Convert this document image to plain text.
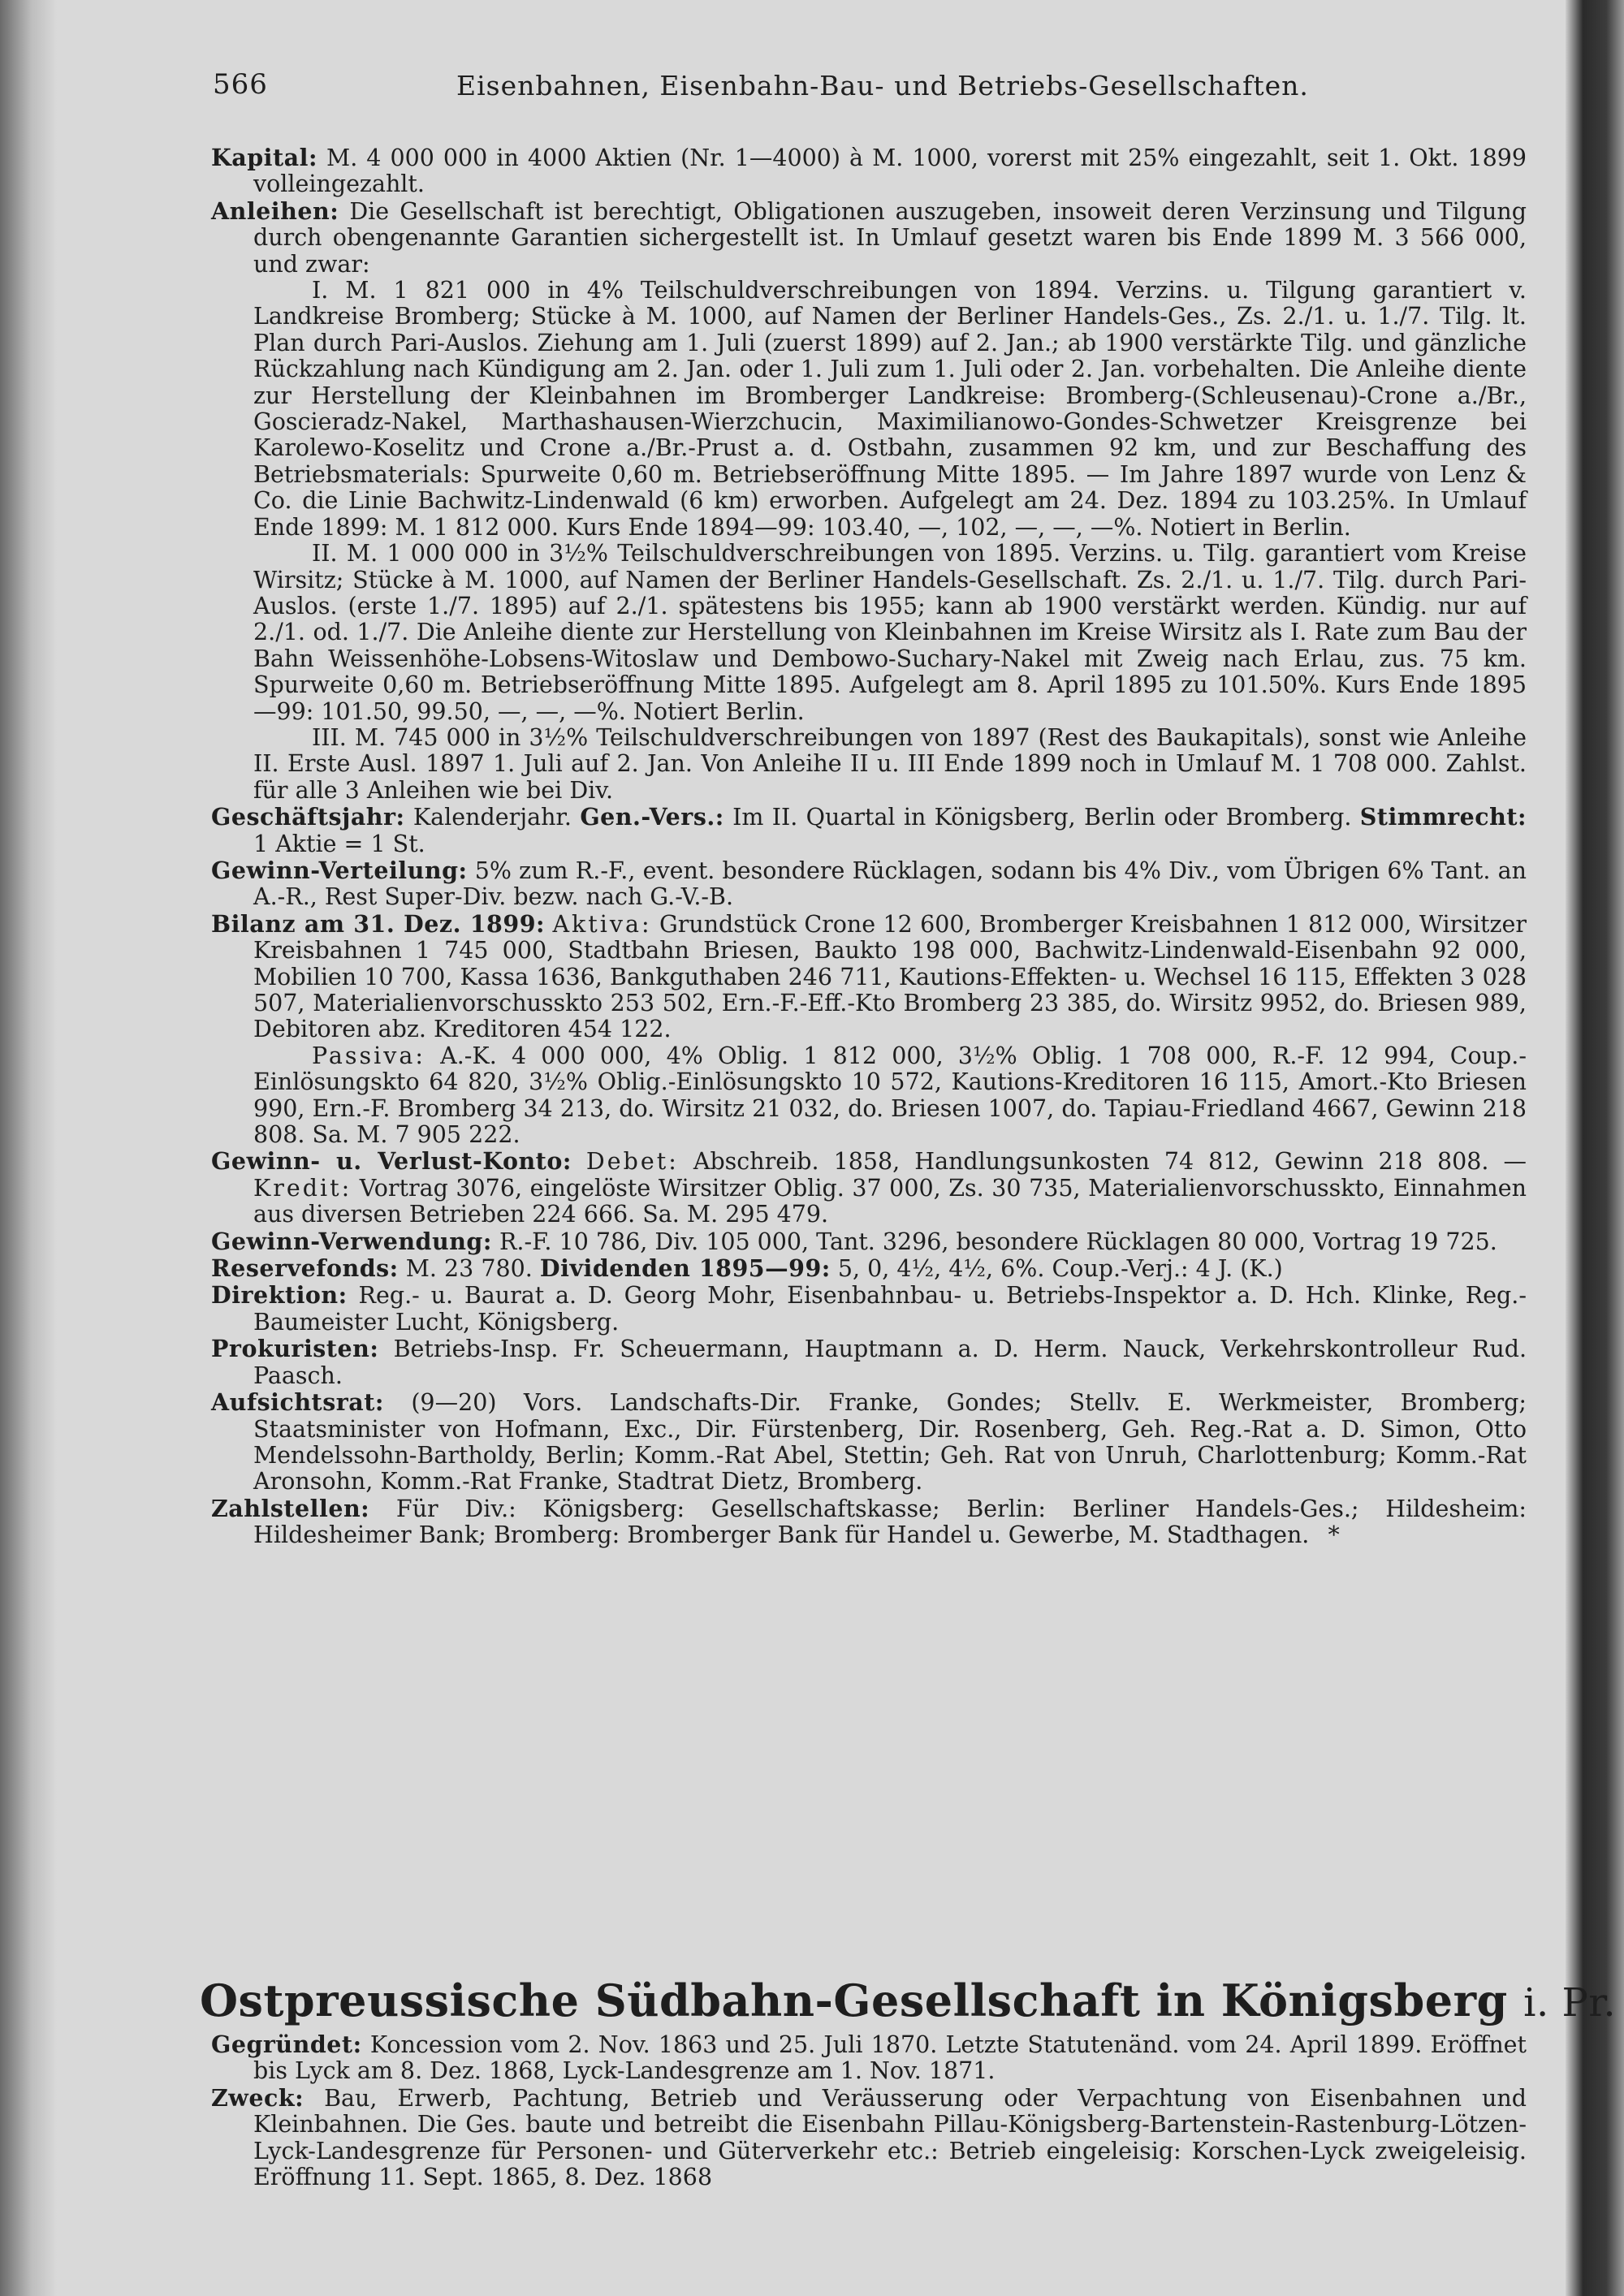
566	Eisenbahnen, Eisenbahn-Bau- und Betriebs-Gesellschaften.

Kapital: M. 4 000 000 in 4000 Aktien (Nr. 1—4000) à M. 1000, vorerst mit 25% eingezahlt, seit 1. Okt. 1899 volleingezahlt.

Anleihen: Die Gesellschaft ist berechtigt, Obligationen auszugeben, insoweit deren Verzinsung und Tilgung durch obengenannte Garantien sichergestellt ist. In Umlauf gesetzt waren bis Ende 1899 M. 3 566 000, und zwar:

I. M. 1 821 000 in 4% Teilschuldverschreibungen von 1894. Verzins. u. Tilgung garantiert v. Landkreise Bromberg; Stücke à M. 1000, auf Namen der Berliner Handels-Ges., Zs. 2./1. u. 1./7. Tilg. lt. Plan durch Pari-Auslos. Ziehung am 1. Juli (zuerst 1899) auf 2. Jan.; ab 1900 verstärkte Tilg. und gänzliche Rückzahlung nach Kündigung am 2. Jan. oder 1. Juli zum 1. Juli oder 2. Jan. vorbehalten. Die Anleihe diente zur Herstellung der Kleinbahnen im Bromberger Landkreise: Bromberg-(Schleusenau)-Crone a./Br., Goscieradz-Nakel, Marthashausen-Wierzchucin, Maximilianowo-Gondes-Schwetzer Kreisgrenze bei Karolewo-Koselitz und Crone a./Br.-Prust a. d. Ostbahn, zusammen 92 km, und zur Beschaffung des Betriebsmaterials: Spurweite 0,60 m. Betriebseröffnung Mitte 1895. — Im Jahre 1897 wurde von Lenz & Co. die Linie Bachwitz-Lindenwald (6 km) erworben. Aufgelegt am 24. Dez. 1894 zu 103.25%. In Umlauf Ende 1899: M. 1 812 000. Kurs Ende 1894—99: 103.40, —, 102, —, —, —%. Notiert in Berlin.

II. M. 1 000 000 in 3½% Teilschuldverschreibungen von 1895. Verzins. u. Tilg. garantiert vom Kreise Wirsitz; Stücke à M. 1000, auf Namen der Berliner Handels-Gesellschaft. Zs. 2./1. u. 1./7. Tilg. durch Pari-Auslos. (erste 1./7. 1895) auf 2./1. spätestens bis 1955; kann ab 1900 verstärkt werden. Kündig. nur auf 2./1. od. 1./7. Die Anleihe diente zur Herstellung von Kleinbahnen im Kreise Wirsitz als I. Rate zum Bau der Bahn Weissenhöhe-Lobsens-Witoslaw und Dembowo-Suchary-Nakel mit Zweig nach Erlau, zus. 75 km. Spurweite 0,60 m. Betriebseröffnung Mitte 1895. Aufgelegt am 8. April 1895 zu 101.50%. Kurs Ende 1895—99: 101.50, 99.50, —, —, —%. Notiert Berlin.

III. M. 745 000 in 3½% Teilschuldverschreibungen von 1897 (Rest des Baukapitals), sonst wie Anleihe II. Erste Ausl. 1897 1. Juli auf 2. Jan. Von Anleihe II u. III Ende 1899 noch in Umlauf M. 1 708 000. Zahlst. für alle 3 Anleihen wie bei Div.

Geschäftsjahr: Kalenderjahr. Gen.-Vers.: Im II. Quartal in Königsberg, Berlin oder Bromberg. Stimmrecht: 1 Aktie = 1 St.

Gewinn-Verteilung: 5% zum R.-F., event. besondere Rücklagen, sodann bis 4% Div., vom Übrigen 6% Tant. an A.-R., Rest Super-Div. bezw. nach G.-V.-B.

Bilanz am 31. Dez. 1899: Aktiva: Grundstück Crone 12 600, Bromberger Kreisbahnen 1 812 000, Wirsitzer Kreisbahnen 1 745 000, Stadtbahn Briesen, Baukto 198 000, Bachwitz-Lindenwald-Eisenbahn 92 000, Mobilien 10 700, Kassa 1636, Bankguthaben 246 711, Kautions-Effekten- u. Wechsel 16 115, Effekten 3 028 507, Materialienvorschusskto 253 502, Ern.-F.-Eff.-Kto Bromberg 23 385, do. Wirsitz 9952, do. Briesen 989, Debitoren abz. Kreditoren 454 122.

Passiva: A.-K. 4 000 000, 4% Oblig. 1 812 000, 3½% Oblig. 1 708 000, R.-F. 12 994, Coup.-Einlösungskto 64 820, 3½% Oblig.-Einlösungskto 10 572, Kautions-Kreditoren 16 115, Amort.-Kto Briesen 990, Ern.-F. Bromberg 34 213, do. Wirsitz 21 032, do. Briesen 1007, do. Tapiau-Friedland 4667, Gewinn 218 808. Sa. M. 7 905 222.

Gewinn- u. Verlust-Konto: Debet: Abschreib. 1858, Handlungsunkosten 74 812, Gewinn 218 808. — Kredit: Vortrag 3076, eingelöste Wirsitzer Oblig. 37 000, Zs. 30 735, Materialienvorschusskto, Einnahmen aus diversen Betrieben 224 666. Sa. M. 295 479.

Gewinn-Verwendung: R.-F. 10 786, Div. 105 000, Tant. 3296, besondere Rücklagen 80 000, Vortrag 19 725.

Reservefonds: M. 23 780. Dividenden 1895—99: 5, 0, 4½, 4½, 6%. Coup.-Verj.: 4 J. (K.)

Direktion: Reg.- u. Baurat a. D. Georg Mohr, Eisenbahnbau- u. Betriebs-Inspektor a. D. Hch. Klinke, Reg.-Baumeister Lucht, Königsberg.

Prokuristen: Betriebs-Insp. Fr. Scheuermann, Hauptmann a. D. Herm. Nauck, Verkehrskontrolleur Rud. Paasch.

Aufsichtsrat: (9—20) Vors. Landschafts-Dir. Franke, Gondes; Stellv. E. Werkmeister, Bromberg; Staatsminister von Hofmann, Exc., Dir. Fürstenberg, Dir. Rosenberg, Geh. Reg.-Rat a. D. Simon, Otto Mendelssohn-Bartholdy, Berlin; Komm.-Rat Abel, Stettin; Geh. Rat von Unruh, Charlottenburg; Komm.-Rat Aronsohn, Komm.-Rat Franke, Stadtrat Dietz, Bromberg.

Zahlstellen: Für Div.: Königsberg: Gesellschaftskasse; Berlin: Berliner Handels-Ges.; Hildesheim: Hildesheimer Bank; Bromberg: Bromberger Bank für Handel u. Gewerbe, M. Stadthagen. *

Ostpreussische Südbahn-Gesellschaft in Königsberg i. Pr.

Gegründet: Koncession vom 2. Nov. 1863 und 25. Juli 1870. Letzte Statutenänd. vom 24. April 1899. Eröffnet bis Lyck am 8. Dez. 1868, Lyck-Landesgrenze am 1. Nov. 1871.

Zweck: Bau, Erwerb, Pachtung, Betrieb und Veräusserung oder Verpachtung von Eisenbahnen und Kleinbahnen. Die Ges. baute und betreibt die Eisenbahn Pillau-Königsberg-Bartenstein-Rastenburg-Lötzen-Lyck-Landesgrenze für Personen- und Güterverkehr etc.: Betrieb eingeleisig: Korschen-Lyck zweigeleisig. Eröffnung 11. Sept. 1865, 8. Dez. 1868
